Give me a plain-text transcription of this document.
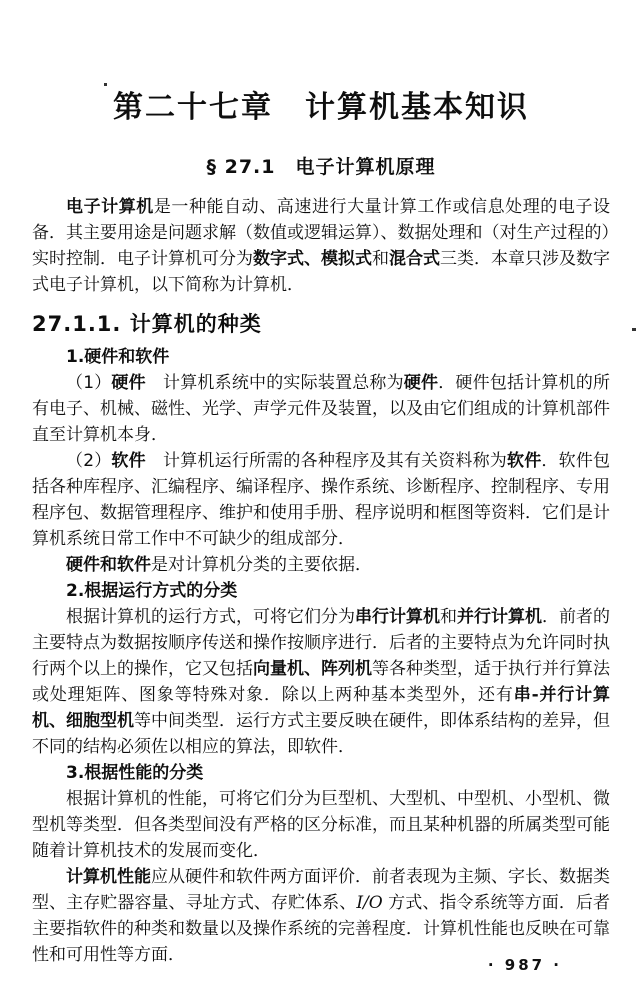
第二十七章　计算机基本知识
§ 27.1　电子计算机原理

电子计算机是一种能自动、高速进行大量计算工作或信息处理的电子设备．其主要用途是问题求解（数值或逻辑运算）、数据处理和（对生产过程的）实时控制．电子计算机可分为数字式、模拟式和混合式三类．本章只涉及数字式电子计算机，以下简称为计算机．

27.1.1. 计算机的种类

1.硬件和软件

（1）硬件　计算机系统中的实际装置总称为硬件．硬件包括计算机的所有电子、机械、磁性、光学、声学元件及装置，以及由它们组成的计算机部件直至计算机本身．

（2）软件　计算机运行所需的各种程序及其有关资料称为软件．软件包括各种库程序、汇编程序、编译程序、操作系统、诊断程序、控制程序、专用程序包、数据管理程序、维护和使用手册、程序说明和框图等资料．它们是计算机系统日常工作中不可缺少的组成部分．

硬件和软件是对计算机分类的主要依据．

2.根据运行方式的分类

根据计算机的运行方式，可将它们分为串行计算机和并行计算机．前者的主要特点为数据按顺序传送和操作按顺序进行．后者的主要特点为允许同时执行两个以上的操作，它又包括向量机、阵列机等各种类型，适于执行并行算法或处理矩阵、图象等特殊对象．除以上两种基本类型外，还有串-并行计算机、细胞型机等中间类型．运行方式主要反映在硬件，即体系结构的差异，但不同的结构必须佐以相应的算法，即软件．

3.根据性能的分类

根据计算机的性能，可将它们分为巨型机、大型机、中型机、小型机、微型机等类型．但各类型间没有严格的区分标准，而且某种机器的所属类型可能随着计算机技术的发展而变化．

计算机性能应从硬件和软件两方面评价．前者表现为主频、字长、数据类型、主存贮器容量、寻址方式、存贮体系、I/O 方式、指令系统等方面．后者主要指软件的种类和数量以及操作系统的完善程度．计算机性能也反映在可靠性和可用性等方面．	· 987 ·
